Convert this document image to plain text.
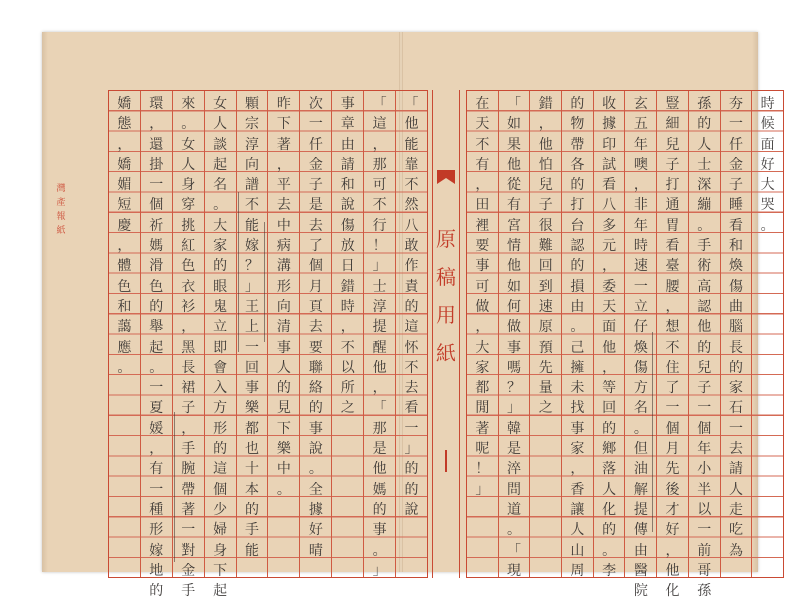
灣
產
報
紙
「
他
能
靠
不
然
八
敢
作
責
的
這
怀
不
去
看
一
」
的
的
說
「
這
，
那
可
不
行
！
」
士
淳
提
醒
他
，
「
那
是
他
媽
的
事
。
」
事
章
由
請
和
說
傷
放
日
錯
時
，
不
以
所
之
次
一
仟
金
子
是
去
了
個
月
頁
去
要
聯
絡
的
事
說
。
全
據
好
晴
昨
下
著
，
平
去
中
病
溝
形
向
清
事
人
的
見
下
樂
中
。
顆
宗
淳
向
譜
不
能
嫁
？
」
王
上
一
回
事
樂
都
也
十
本
的
手
能
女
人
談
起
名
。
大
家
的
眼
鬼
立
即
會
入
方
形
的
這
個
少
婦
身
下
起
來
。
女
人
身
穿
挑
紅
色
衣
衫
，
黑
長
裙
子
，
手
腕
帶
著
一
對
金
手
環
，
還
掛
一
個
祈
媽
滑
色
的
舉
起
。
一
夏
媛
，
有
一
種
形
嫁
地
的
嬌
態
，
嬌
媚
短
慶
，
體
色
和
藹
應
。
原
稿
用
紙
時
候
面
好
大
哭
。
夯
一
仟
金
子
睡
看
和
煥
傷
曲
腦
長
的
家
石
一
去
請
人
走
吃
為
孫
的
人
士
深
繃
。
手
術
高
認
他
的
兒
子
一
個
年
小
半
以
一
前
哥
孫
豎
細
兒
子
打
通
胃
看
臺
腰
，
想
不
住
了
一
個
月
先
後
才
好
，
他
化
玄
五
年
噢
，
非
年
時
速
一
立
仔
煥
傷
方
名
。
但
油
解
提
傳
由
醫
院
收
據
印
試
看
八
多
元
，
委
天
面
他
，
等
回
的
鄉
落
人
化
的
。
李
的
物
帶
各
的
打
台
認
的
損
由
。
己
擁
未
找
事
家
，
香
讓
人
山
周
錯
，
他
怕
兒
子
很
難
回
到
速
原
預
先
量
之
「
如
果
他
從
有
宮
情
他
如
何
做
事
嗎
？
」
韓
是
淬
問
道
。
「
現
在
天
不
有
，
田
裡
要
事
可
做
，
大
家
都
閒
著
呢
！
」
